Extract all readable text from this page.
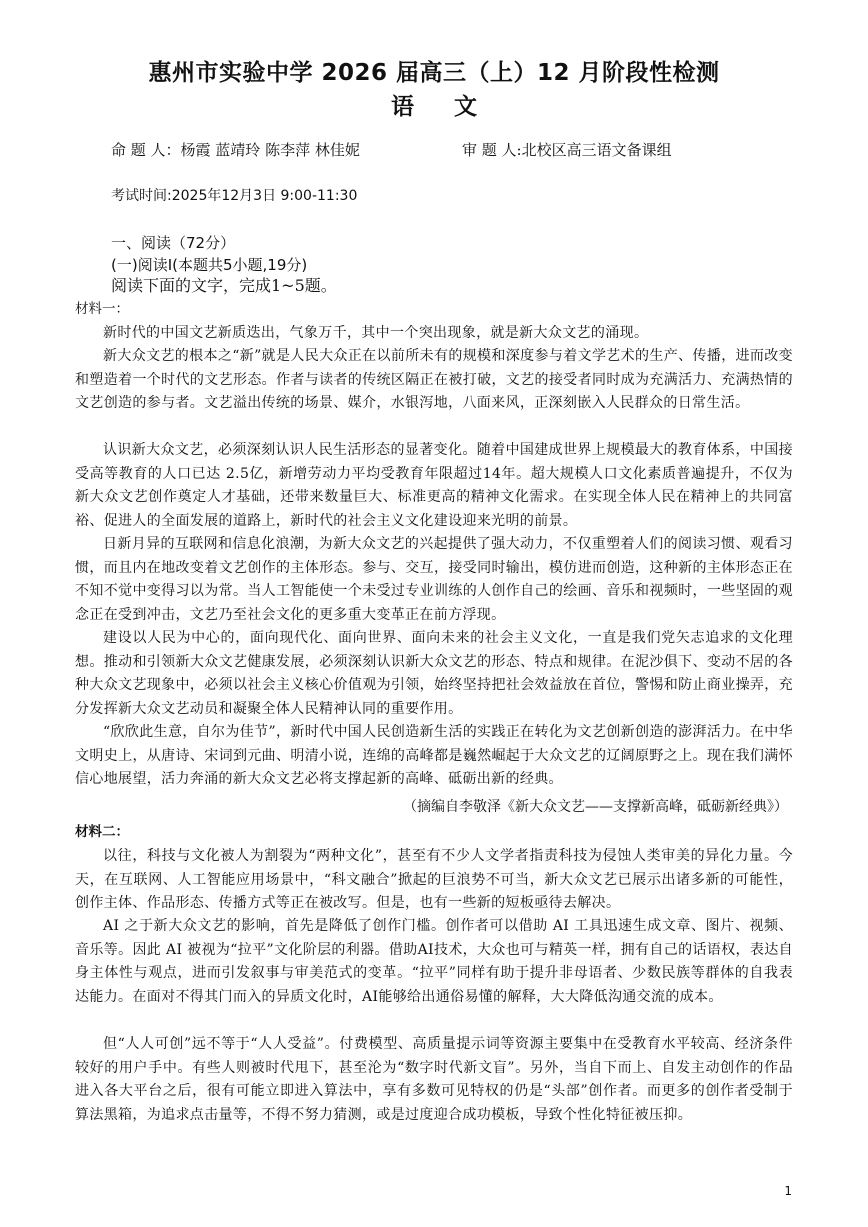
惠州市实验中学 2026 届高三（上）12 月阶段性检测
语文
命 题 人：杨霞 蓝靖玲 陈李萍 林佳妮	审 题 人:北校区高三语文备课组
考试时间:2025年12月3日 9:00-11:30
一、阅读（72分）
(一)阅读Ⅰ(本题共5小题,19分)
阅读下面的文字，完成1~5题。
材料一：

新时代的中国文艺新质迭出，气象万千，其中一个突出现象，就是新大众文艺的涌现。

新大众文艺的根本之“新”就是人民大众正在以前所未有的规模和深度参与着文学艺术的生产、传播，进而改变和塑造着一个时代的文艺形态。作者与读者的传统区隔正在被打破，文艺的接受者同时成为充满活力、充满热情的文艺创造的参与者。文艺溢出传统的场景、媒介，水银泻地，八面来风，正深刻嵌入人民群众的日常生活。

认识新大众文艺，必须深刻认识人民生活形态的显著变化。随着中国建成世界上规模最大的教育体系，中国接受高等教育的人口已达 2.5亿，新增劳动力平均受教育年限超过14年。超大规模人口文化素质普遍提升，不仅为新大众文艺创作奠定人才基础，还带来数量巨大、标准更高的精神文化需求。在实现全体人民在精神上的共同富裕、促进人的全面发展的道路上，新时代的社会主义文化建设迎来光明的前景。

日新月异的互联网和信息化浪潮，为新大众文艺的兴起提供了强大动力，不仅重塑着人们的阅读习惯、观看习惯，而且内在地改变着文艺创作的主体形态。参与、交互，接受同时输出，模仿进而创造，这种新的主体形态正在不知不觉中变得习以为常。当人工智能使一个未受过专业训练的人创作自己的绘画、音乐和视频时，一些坚固的观念正在受到冲击，文艺乃至社会文化的更多重大变革正在前方浮现。

建设以人民为中心的，面向现代化、面向世界、面向未来的社会主义文化，一直是我们党矢志追求的文化理想。推动和引领新大众文艺健康发展，必须深刻认识新大众文艺的形态、特点和规律。在泥沙俱下、变动不居的各种大众文艺现象中，必须以社会主义核心价值观为引领，始终坚持把社会效益放在首位，警惕和防止商业操弄，充分发挥新大众文艺动员和凝聚全体人民精神认同的重要作用。

“欣欣此生意，自尔为佳节”，新时代中国人民创造新生活的实践正在转化为文艺创新创造的澎湃活力。在中华文明史上，从唐诗、宋词到元曲、明清小说，连绵的高峰都是巍然崛起于大众文艺的辽阔原野之上。现在我们满怀信心地展望，活力奔涌的新大众文艺必将支撑起新的高峰、砥砺出新的经典。

（摘编自李敬泽《新大众文艺——支撑新高峰，砥砺新经典》）
材料二：

以往，科技与文化被人为割裂为“两种文化”，甚至有不少人文学者指责科技为侵蚀人类审美的异化力量。今天，在互联网、人工智能应用场景中，“科文融合”掀起的巨浪势不可当，新大众文艺已展示出诸多新的可能性，创作主体、作品形态、传播方式等正在被改写。但是，也有一些新的短板亟待去解决。

AI 之于新大众文艺的影响，首先是降低了创作门槛。创作者可以借助 AI 工具迅速生成文章、图片、视频、音乐等。因此 AI 被视为“拉平”文化阶层的利器。借助AI技术，大众也可与精英一样，拥有自己的话语权，表达自身主体性与观点，进而引发叙事与审美范式的变革。“拉平”同样有助于提升非母语者、少数民族等群体的自我表达能力。在面对不得其门而入的异质文化时，AI能够给出通俗易懂的解释，大大降低沟通交流的成本。

但“人人可创”远不等于“人人受益”。付费模型、高质量提示词等资源主要集中在受教育水平较高、经济条件较好的用户手中。有些人则被时代甩下，甚至沦为“数字时代新文盲”。另外，当自下而上、自发主动创作的作品进入各大平台之后，很有可能立即进入算法中，享有多数可见特权的仍是“头部”创作者。而更多的创作者受制于算法黑箱，为追求点击量等，不得不努力猜测，或是过度迎合成功模板，导致个性化特征被压抑。

1
